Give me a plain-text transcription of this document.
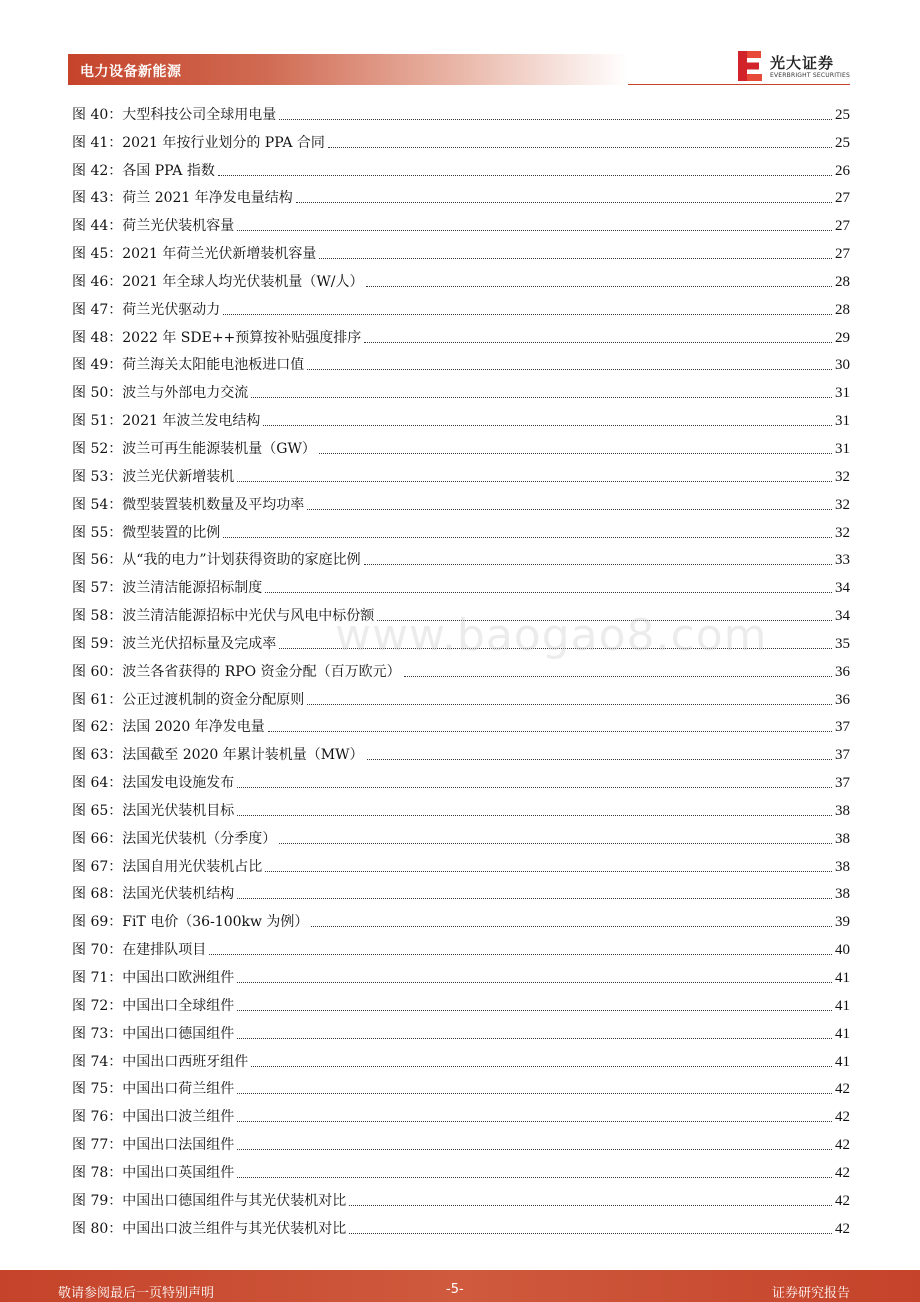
电力设备新能源	光大证券
EVERBRIGHT SECURITIES
图 40： 大型科技公司全球用电量	25
图 41： 2021 年按行业划分的 PPA 合同	25
图 42： 各国 PPA 指数	26
图 43： 荷兰 2021 年净发电量结构	27
图 44： 荷兰光伏装机容量	27
图 45： 2021 年荷兰光伏新增装机容量	27
图 46： 2021 年全球人均光伏装机量（W/人）	28
图 47： 荷兰光伏驱动力	28
图 48： 2022 年 SDE++预算按补贴强度排序	29
图 49： 荷兰海关太阳能电池板进口值	30
图 50： 波兰与外部电力交流	31
图 51： 2021 年波兰发电结构	31
图 52： 波兰可再生能源装机量（GW）	31
图 53： 波兰光伏新增装机	32
图 54： 微型装置装机数量及平均功率	32
图 55： 微型装置的比例	32
图 56： 从“我的电力”计划获得资助的家庭比例	33
图 57： 波兰清洁能源招标制度	34
图 58： 波兰清洁能源招标中光伏与风电中标份额	34
图 59： 波兰光伏招标量及完成率	35
图 60： 波兰各省获得的 RPO 资金分配（百万欧元）	36
图 61： 公正过渡机制的资金分配原则	36
图 62： 法国 2020 年净发电量	37
图 63： 法国截至 2020 年累计装机量（MW）	37
图 64： 法国发电设施发布	37
图 65： 法国光伏装机目标	38
图 66： 法国光伏装机（分季度）	38
图 67： 法国自用光伏装机占比	38
图 68： 法国光伏装机结构	38
图 69： FiT 电价（36-100kw 为例）	39
图 70： 在建排队项目	40
图 71： 中国出口欧洲组件	41
图 72： 中国出口全球组件	41
图 73： 中国出口德国组件	41
图 74： 中国出口西班牙组件	41
图 75： 中国出口荷兰组件	42
图 76： 中国出口波兰组件	42
图 77： 中国出口法国组件	42
图 78： 中国出口英国组件	42
图 79： 中国出口德国组件与其光伏装机对比	42
图 80： 中国出口波兰组件与其光伏装机对比	42
www.baogao8.com
敬请参阅最后一页特别声明	-5-	证券研究报告
